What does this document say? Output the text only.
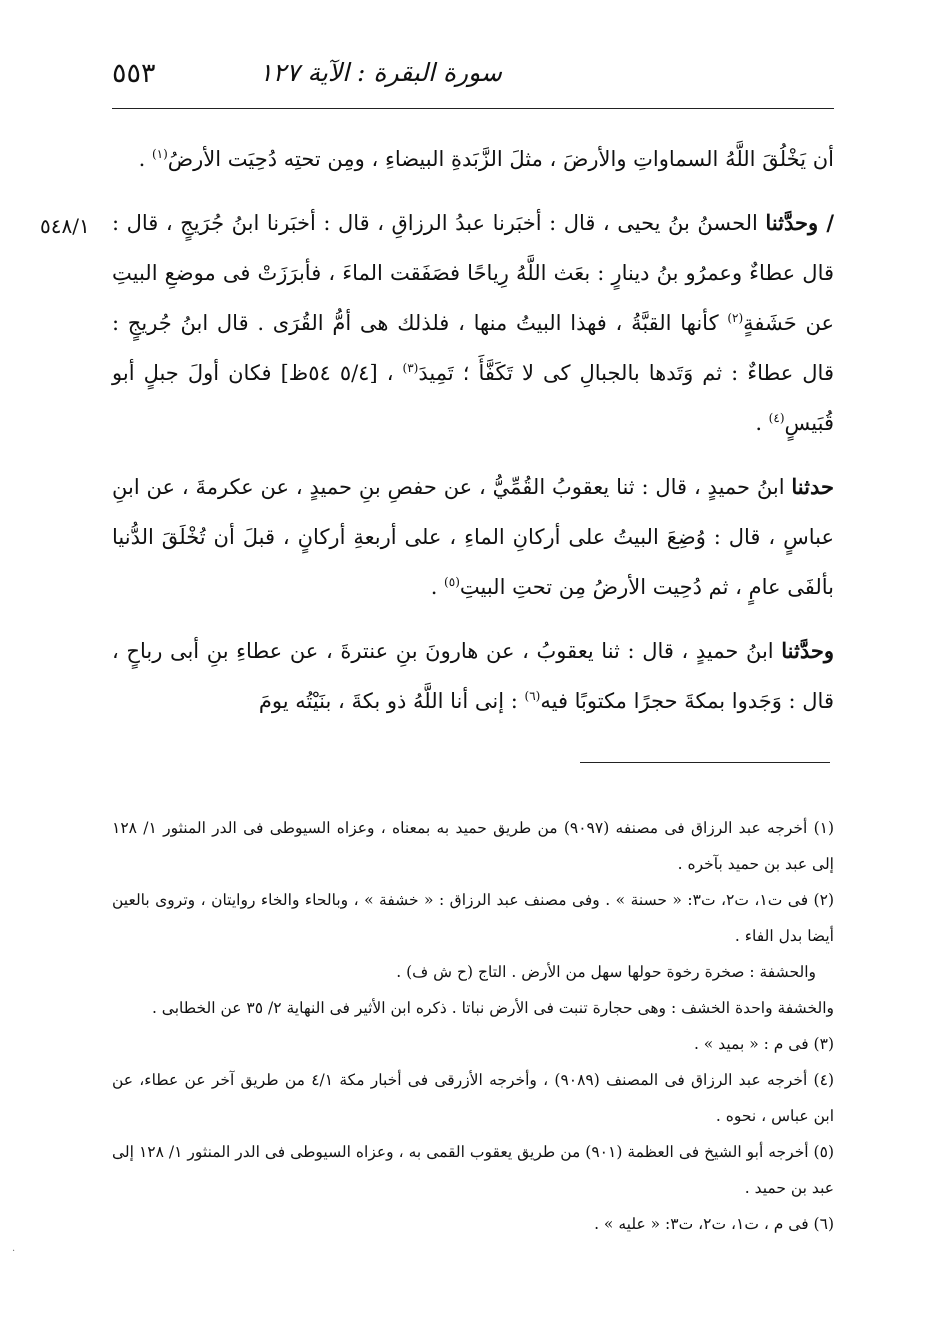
سورة البقرة : الآية ١٢٧
٥٥٣
٥٤٨/١

أن يَخْلُقَ اللَّهُ السماواتِ والأرضَ ، مثلَ الزَّبَدةِ البيضاءِ ، ومِن تحتِه دُحِيَت الأرضُ$^{(١)}$ .

/ وحدَّثنا الحسنُ بنُ يحيى ، قال : أخبَرنا عبدُ الرزاقِ ، قال : أخبَرنا ابنُ جُرَيجٍ ، قال : قال عطاءٌ وعمرُو بنُ دينارٍ : بعَث اللَّهُ رِياحًا فصَفَقت الماءَ ، فأبرَزَتْ فى موضعِ البيتِ عن حَشَفةٍ$^{(٢)}$ كأنها القبَّةُ ، فهذا البيتُ منها ، فلذلك هى أمُّ القُرَى . قال ابنُ جُريجٍ : قال عطاءٌ : ثم وَتَدها بالجبالِ كى لا تَكَفَّأَ ؛ تَمِيدَ$^{(٣)}$ ، [٥/٤ ٥٤ظ] فكان أولَ جبلٍ أبو قُبَيسٍ$^{(٤)}$ .

حدثنا ابنُ حميدٍ ، قال : ثنا يعقوبُ القُمِّيُّ ، عن حفصِ بنِ حميدٍ ، عن عكرمةَ ، عن ابنِ عباسٍ ، قال : وُضِعَ البيتُ على أركانِ الماءِ ، على أربعةِ أركانٍ ، قبلَ أن تُخْلَقَ الدُّنيا بألفَى عامٍ ، ثم دُحِيت الأرضُ مِن تحتِ البيتِ$^{(٥)}$ .

وحدَّثنا ابنُ حميدٍ ، قال : ثنا يعقوبُ ، عن هارونَ بنِ عنترةَ ، عن عطاءِ بنِ أبى رباحٍ ، قال : وَجَدوا بمكةَ حجرًا مكتوبًا فيه$^{(٦)}$ : إنى أنا اللَّهُ ذو بكةَ ، بنَيْتُه يومَ

(١) أخرجه عبد الرزاق فى مصنفه (٩٠٩٧) من طريق حميد به بمعناه ، وعزاه السيوطى فى الدر المنثور ١/ ١٢٨ إلى عبد بن حميد بآخره .

(٢) فى ت١، ت٢، ت٣: « حسنة » . وفى مصنف عبد الرزاق : « خشفة » ، وبالحاء والخاء روايتان ، وتروى بالعين أيضا بدل الفاء .

والحشفة : صخرة رخوة حولها سهل من الأرض . التاج (ح ش ف) .

والخشفة واحدة الخشف : وهى حجارة تنبت فى الأرض نباتا . ذكره ابن الأثير فى النهاية ٢/ ٣٥ عن الخطابى .

(٣) فى م : « بميد » .

(٤) أخرجه عبد الرزاق فى المصنف (٩٠٨٩) ، وأخرجه الأزرقى فى أخبار مكة ٤/١ من طريق آخر عن عطاء، عن ابن عباس ، نحوه .

(٥) أخرجه أبو الشيخ فى العظمة (٩٠١) من طريق يعقوب القمى به ، وعزاه السيوطى فى الدر المنثور ١/ ١٢٨ إلى عبد بن حميد .

(٦) فى م ، ت١، ت٢، ت٣: « عليه » .

·
